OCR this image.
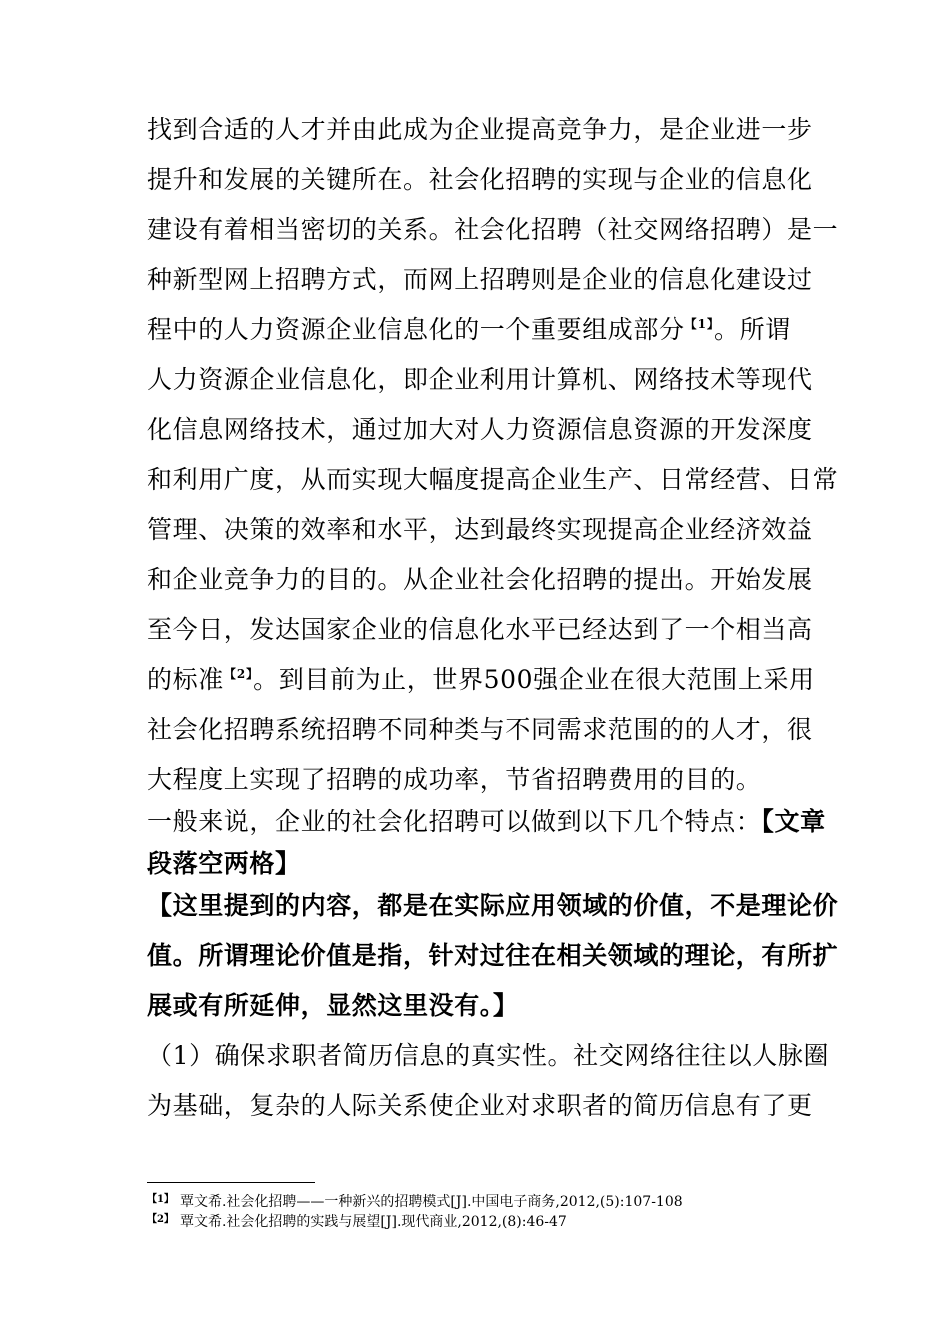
找到合适的人才并由此成为企业提高竞争力，是企业进一步
提升和发展的关键所在。社会化招聘的实现与企业的信息化
建设有着相当密切的关系。社会化招聘（社交网络招聘）是一
种新型网上招聘方式，而网上招聘则是企业的信息化建设过
程中的人力资源企业信息化的一个重要组成部分$^{【1】}$。所谓
人力资源企业信息化，即企业利用计算机、网络技术等现代
化信息网络技术，通过加大对人力资源信息资源的开发深度
和利用广度，从而实现大幅度提高企业生产、日常经营、日常
管理、决策的效率和水平，达到最终实现提高企业经济效益
和企业竞争力的目的。从企业社会化招聘的提出。开始发展
至今日，发达国家企业的信息化水平已经达到了一个相当高
的标准$^{【2】}$。到目前为止，世界500强企业在很大范围上采用
社会化招聘系统招聘不同种类与不同需求范围的的人才，很
大程度上实现了招聘的成功率，节省招聘费用的目的。
一般来说，企业的社会化招聘可以做到以下几个特点：【文章
段落空两格】
【这里提到的内容，都是在实际应用领域的价值，不是理论价
值。所谓理论价值是指，针对过往在相关领域的理论，有所扩
展或有所延伸，显然这里没有。】
（1）确保求职者简历信息的真实性。社交网络往往以人脉圈
为基础，复杂的人际关系使企业对求职者的简历信息有了更
$^{【1】}$ 覃文希.社会化招聘——一种新兴的招聘模式[J].中国电子商务,2012,(5):107-108
$^{【2】}$ 覃文希.社会化招聘的实践与展望[J].现代商业,2012,(8):46-47
